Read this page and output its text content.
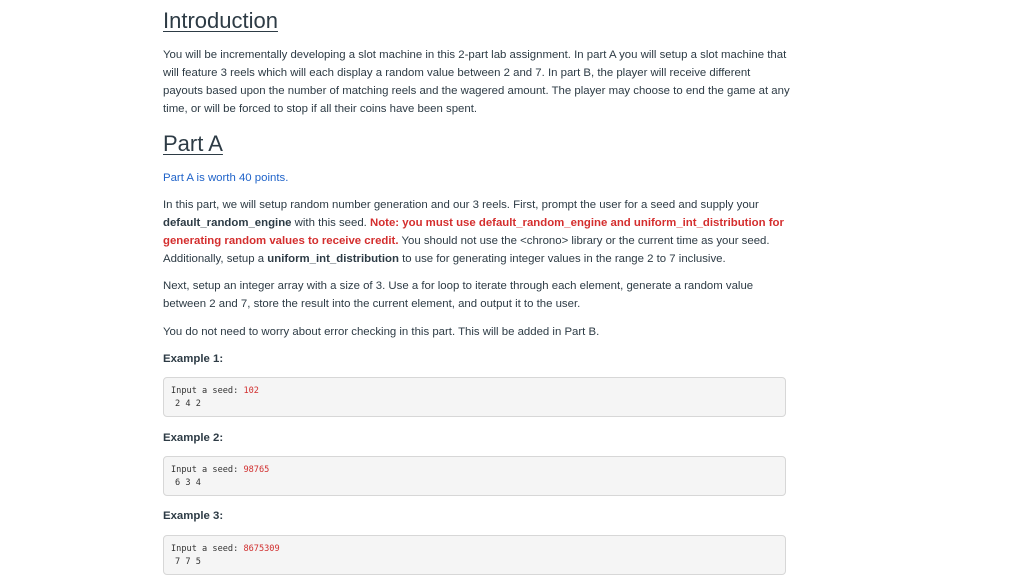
Introduction

You will be incrementally developing a slot machine in this 2-part lab assignment. In part A you will setup a slot machine that will feature 3 reels which will each display a random value between 2 and 7. In part B, the player will receive different payouts based upon the number of matching reels and the wagered amount. The player may choose to end the game at any time, or will be forced to stop if all their coins have been spent.

Part A

Part A is worth 40 points.

In this part, we will setup random number generation and our 3 reels. First, prompt the user for a seed and supply your default_random_engine with this seed. Note: you must use default_random_engine and uniform_int_distribution for generating random values to receive credit. You should not use the <chrono> library or the current time as your seed. Additionally, setup a uniform_int_distribution to use for generating integer values in the range 2 to 7 inclusive.

Next, setup an integer array with a size of 3. Use a for loop to iterate through each element, generate a random value between 2 and 7, store the result into the current element, and output it to the user.

You do not need to worry about error checking in this part. This will be added in Part B.

Example 1:
Input a seed: 102
2 4 2
Example 2:
Input a seed: 98765
6 3 4
Example 3:
Input a seed: 8675309
7 7 5
